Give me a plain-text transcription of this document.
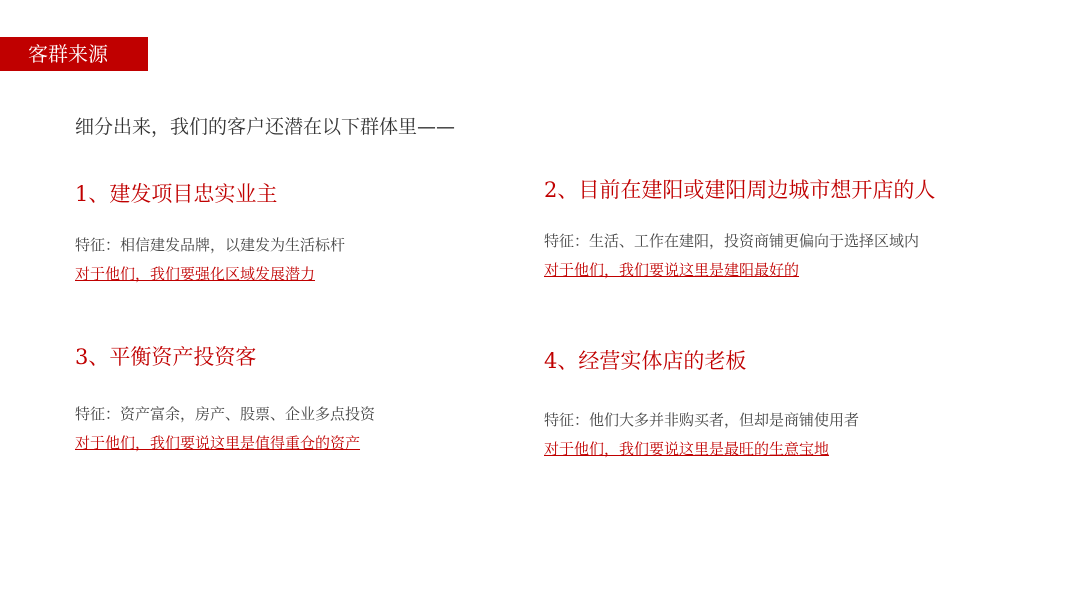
客群来源
细分出来，我们的客户还潜在以下群体里——
1、建发项目忠实业主
特征：相信建发品牌，以建发为生活标杆
对于他们，我们要强化区域发展潜力
2、目前在建阳或建阳周边城市想开店的人
特征：生活、工作在建阳，投资商铺更偏向于选择区域内
对于他们，我们要说这里是建阳最好的
3、平衡资产投资客
特征：资产富余，房产、股票、企业多点投资
对于他们，我们要说这里是值得重仓的资产
4、经营实体店的老板
特征：他们大多并非购买者，但却是商铺使用者
对于他们，我们要说这里是最旺的生意宝地
